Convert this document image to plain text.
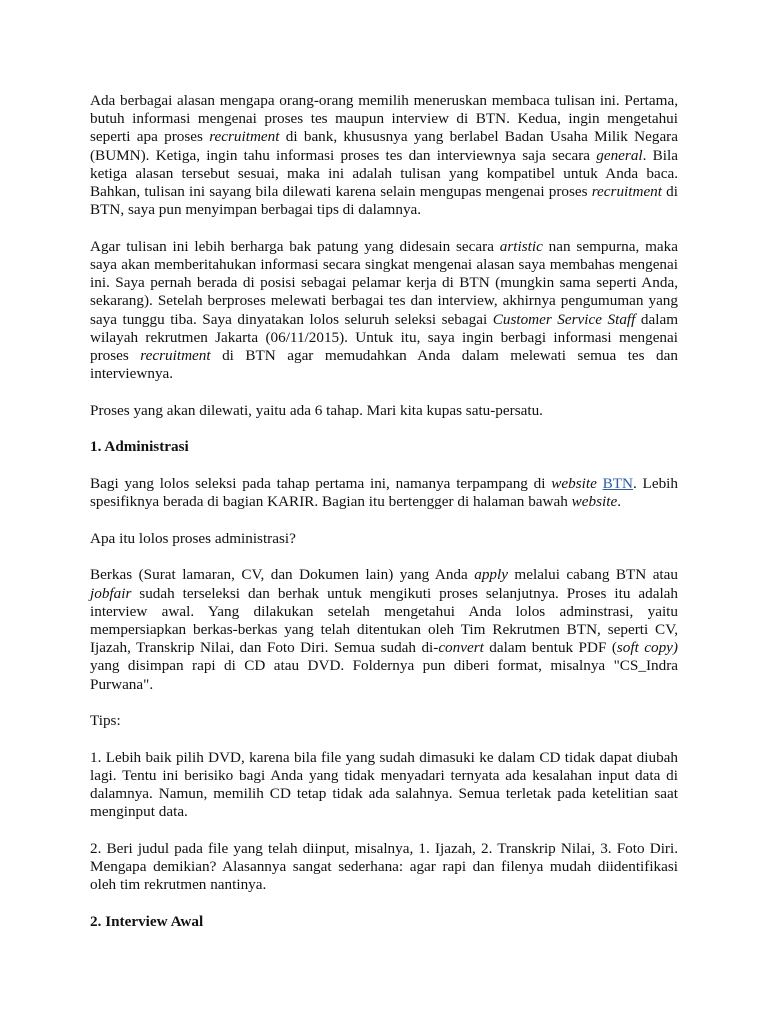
Ada berbagai alasan mengapa orang-orang memilih meneruskan membaca tulisan ini. Pertama, butuh informasi mengenai proses tes maupun interview di BTN. Kedua, ingin mengetahui seperti apa proses recruitment di bank, khususnya yang berlabel Badan Usaha Milik Negara (BUMN). Ketiga, ingin tahu informasi proses tes dan interviewnya saja secara general. Bila ketiga alasan tersebut sesuai, maka ini adalah tulisan yang kompatibel untuk Anda baca. Bahkan, tulisan ini sayang bila dilewati karena selain mengupas mengenai proses recruitment di BTN, saya pun menyimpan berbagai tips di dalamnya.

Agar tulisan ini lebih berharga bak patung yang didesain secara artistic nan sempurna, maka saya akan memberitahukan informasi secara singkat mengenai alasan saya membahas mengenai ini. Saya pernah berada di posisi sebagai pelamar kerja di BTN (mungkin sama seperti Anda, sekarang). Setelah berproses melewati berbagai tes dan interview, akhirnya pengumuman yang saya tunggu tiba. Saya dinyatakan lolos seluruh seleksi sebagai Customer Service Staff dalam wilayah rekrutmen Jakarta (06/11/2015). Untuk itu, saya ingin berbagi informasi mengenai proses recruitment di BTN agar memudahkan Anda dalam melewati semua tes dan interviewnya.

Proses yang akan dilewati, yaitu ada 6 tahap. Mari kita kupas satu-persatu.

1. Administrasi

Bagi yang lolos seleksi pada tahap pertama ini, namanya terpampang di website BTN. Lebih spesifiknya berada di bagian KARIR. Bagian itu bertengger di halaman bawah website.

Apa itu lolos proses administrasi?

Berkas (Surat lamaran, CV, dan Dokumen lain) yang Anda apply melalui cabang BTN atau jobfair sudah terseleksi dan berhak untuk mengikuti proses selanjutnya. Proses itu adalah interview awal. Yang dilakukan setelah mengetahui Anda lolos adminstrasi, yaitu mempersiapkan berkas-berkas yang telah ditentukan oleh Tim Rekrutmen BTN, seperti CV, Ijazah, Transkrip Nilai, dan Foto Diri. Semua sudah di-convert dalam bentuk PDF (soft copy) yang disimpan rapi di CD atau DVD. Foldernya pun diberi format, misalnya "CS_Indra Purwana".

Tips:

1. Lebih baik pilih DVD, karena bila file yang sudah dimasuki ke dalam CD tidak dapat diubah lagi. Tentu ini berisiko bagi Anda yang tidak menyadari ternyata ada kesalahan input data di dalamnya. Namun, memilih CD tetap tidak ada salahnya. Semua terletak pada ketelitian saat menginput data.

2. Beri judul pada file yang telah diinput, misalnya, 1. Ijazah, 2. Transkrip Nilai, 3. Foto Diri. Mengapa demikian? Alasannya sangat sederhana: agar rapi dan filenya mudah diidentifikasi oleh tim rekrutmen nantinya.

2. Interview Awal
